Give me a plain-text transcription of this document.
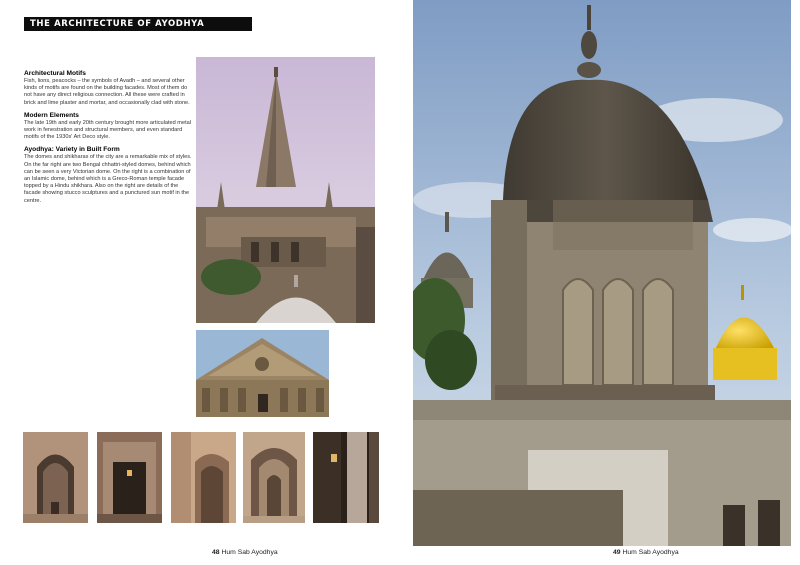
THE ARCHITECTURE OF AYODHYA
Architectural Motifs

Fish, lions, peacocks – the symbols of Avadh – and several other kinds of motifs are found on the building facades. Most of them do not have any direct religious connection. All these were crafted in brick and lime plaster and mortar, and occasionally clad with stone.

Modern Elements

The late 19th and early 20th century brought more articulated metal work in fenestration and structural members, and even standard motifs of the 1930s' Art Deco style.

Ayodhya: Variety in Built Form

The domes and shikharas of the city are a remarkable mix of styles. On the far right are two Bengal chhattri-styled domes, behind which can be seen a very Victorian dome. On the right is a combination of an Islamic dome, behind which is a Greco-Roman temple facade topped by a Hindu shikhara. Also on the right are details of the facade showing stucco sculptures and a punctured sun motif in the centre.

48 Hum Sab Ayodhya	49 Hum Sab Ayodhya
